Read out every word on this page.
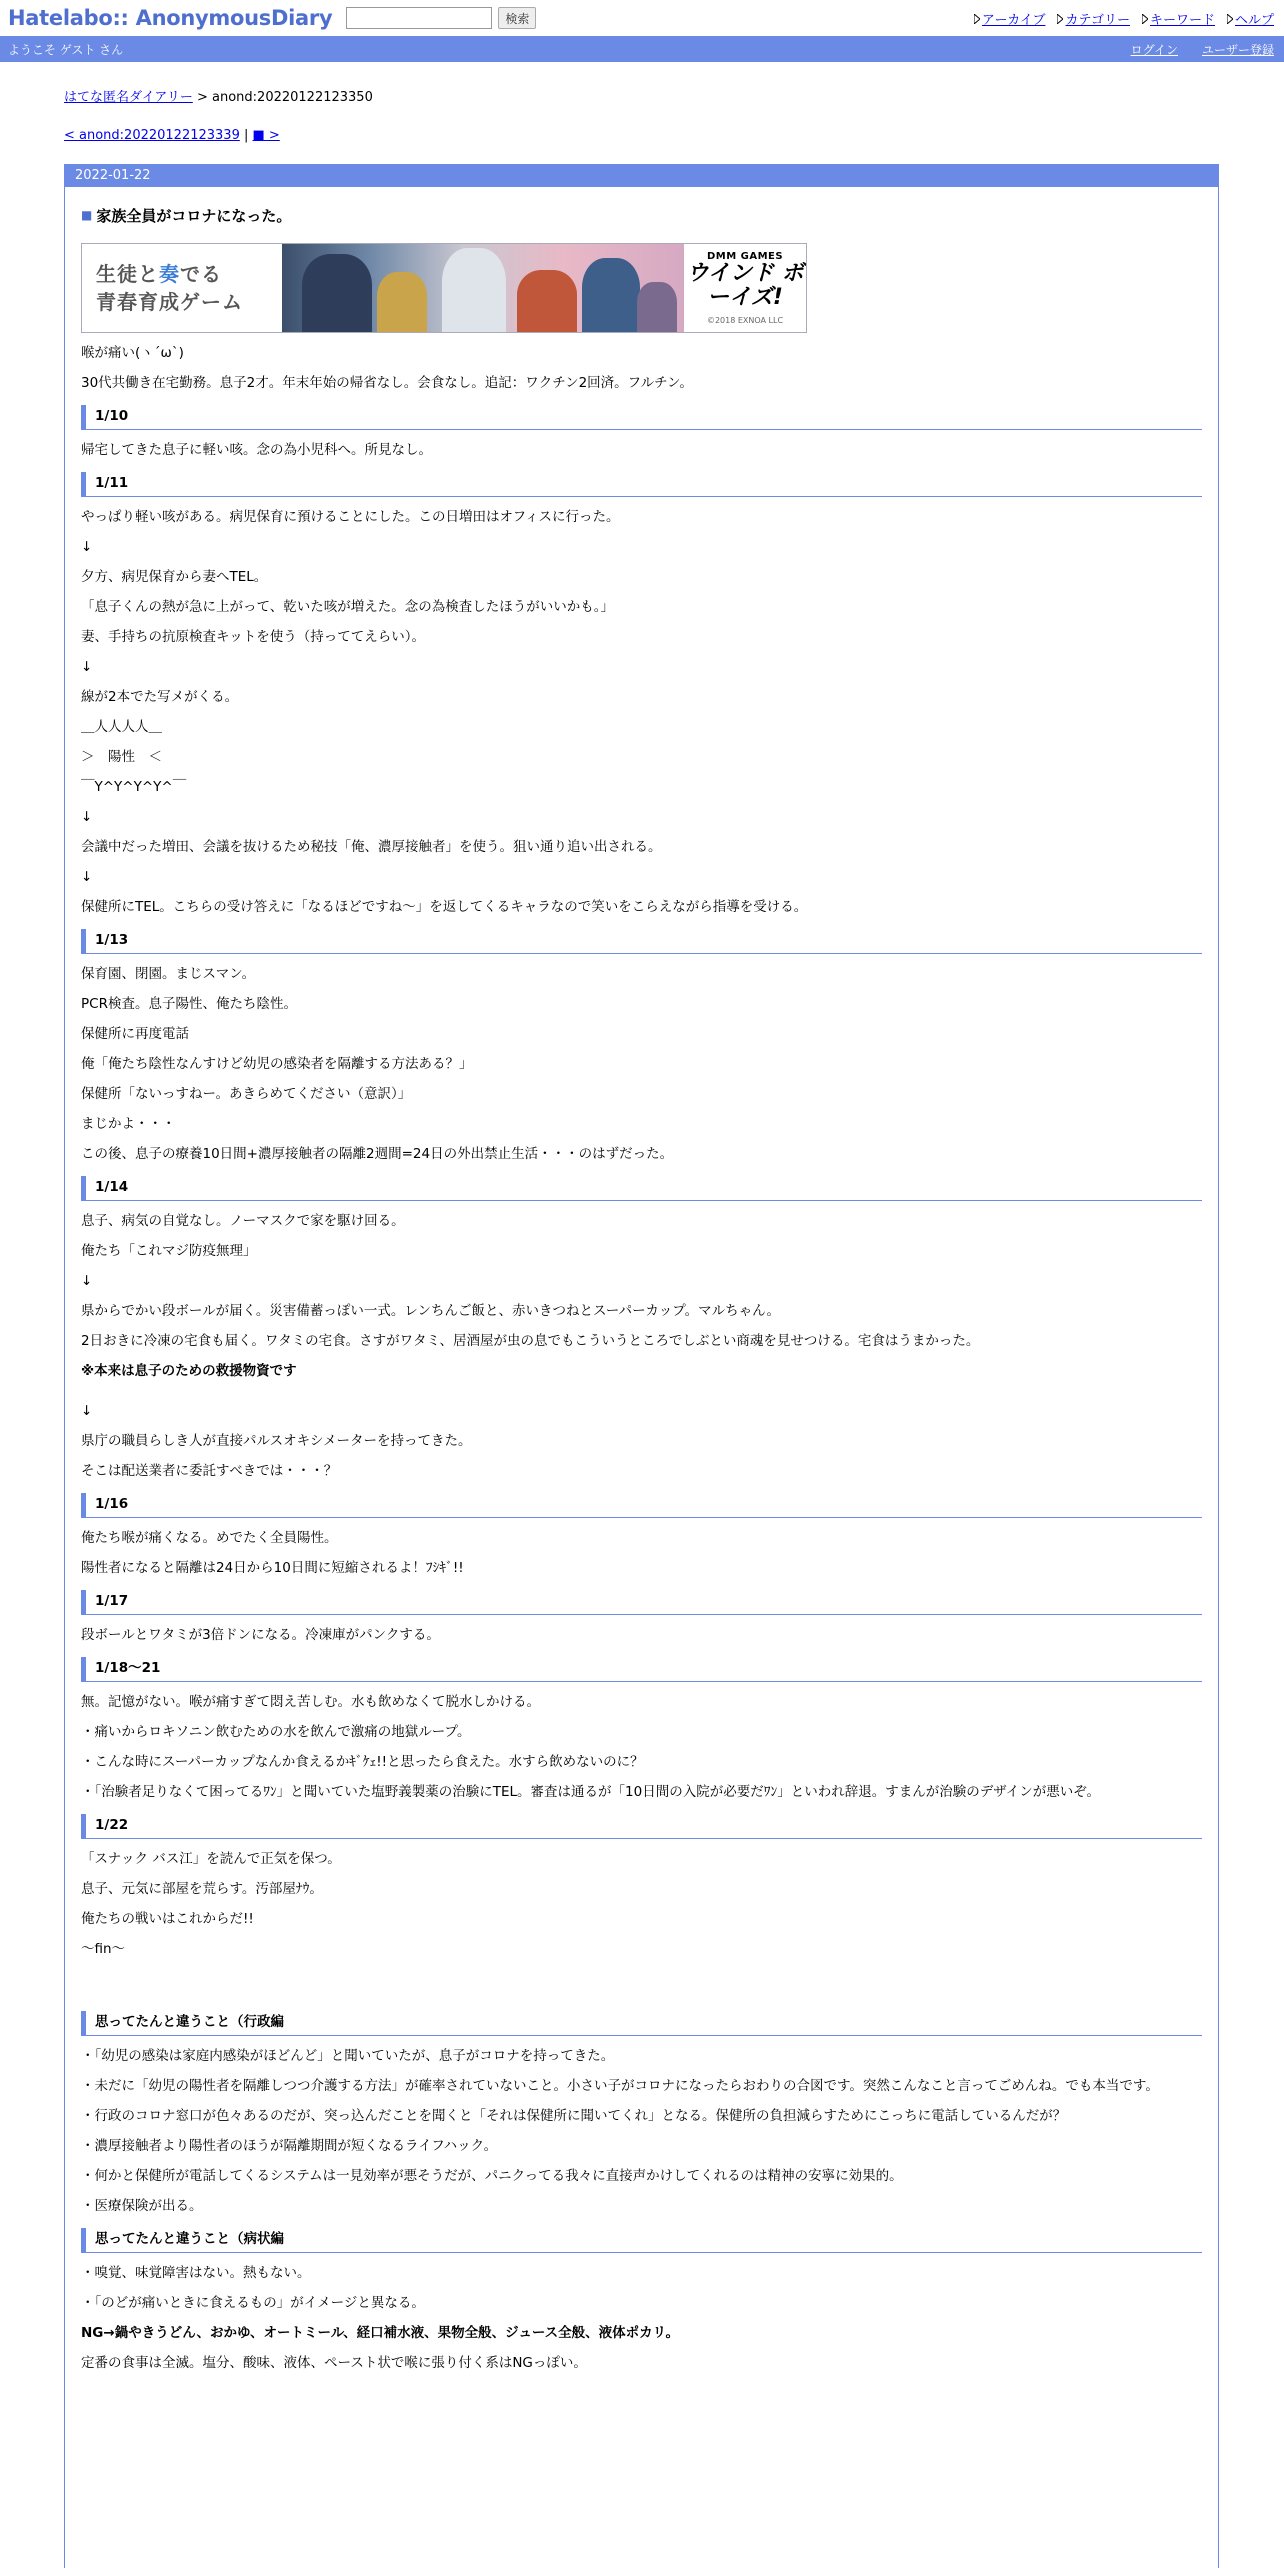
Hatelabo:: AnonymousDiary	検索	アーカイブ カテゴリー キーワード ヘルプ
ようこそ ゲスト さん	ログイン ユーザー登録
はてな匿名ダイアリー > anond:20220122123350
< anond:20220122123339 | ■ >
2022-01-22
■ 家族全員がコロナになった。
生徒と奏でる
青春育成ゲーム
DMM GAMES
ウインド ボーイズ!
©2018 EXNOA LLC
喉が痛い(ヽ´ω`)
30代共働き在宅勤務。息子2才。年末年始の帰省なし。会食なし。追記：ワクチン2回済。フルチン。
1/10
帰宅してきた息子に軽い咳。念の為小児科へ。所見なし。
1/11
やっぱり軽い咳がある。病児保育に預けることにした。この日増田はオフィスに行った。
↓
夕方、病児保育から妻へTEL。
「息子くんの熱が急に上がって、乾いた咳が増えた。念の為検査したほうがいいかも。」
妻、手持ちの抗原検査キットを使う（持っててえらい）。
↓
線が2本でた写メがくる。
＿人人人人＿
＞　陽性　＜
￣Y^Y^Y^Y^￣
↓
会議中だった増田、会議を抜けるため秘技「俺、濃厚接触者」を使う。狙い通り追い出される。
↓
保健所にTEL。こちらの受け答えに「なるほどですね～」を返してくるキャラなので笑いをこらえながら指導を受ける。
1/13
保育園、閉園。まじスマン。
PCR検査。息子陽性、俺たち陰性。
保健所に再度電話
俺「俺たち陰性なんすけど幼児の感染者を隔離する方法ある？」
保健所「ないっすねー。あきらめてください（意訳）」
まじかよ・・・
この後、息子の療養10日間+濃厚接触者の隔離2週間=24日の外出禁止生活・・・のはずだった。
1/14
息子、病気の自覚なし。ノーマスクで家を駆け回る。
俺たち「これマジ防疫無理」
↓
県からでかい段ボールが届く。災害備蓄っぽい一式。レンちんご飯と、赤いきつねとスーパーカップ。マルちゃん。
2日おきに冷凍の宅食も届く。ワタミの宅食。さすがワタミ、居酒屋が虫の息でもこういうところでしぶとい商魂を見せつける。宅食はうまかった。
※本来は息子のための救援物資です
↓
県庁の職員らしき人が直接パルスオキシメーターを持ってきた。
そこは配送業者に委託すべきでは・・・？
1/16
俺たち喉が痛くなる。めでたく全員陽性。
陽性者になると隔離は24日から10日間に短縮されるよ！ﾌｼｷﾞ!!
1/17
段ボールとワタミが3倍ドンになる。冷凍庫がパンクする。
1/18～21
無。記憶がない。喉が痛すぎて悶え苦しむ。水も飲めなくて脱水しかける。
・痛いからロキソニン飲むための水を飲んで激痛の地獄ループ。
・こんな時にスーパーカップなんか食えるかｷﾞｹｪ!!と思ったら食えた。水すら飲めないのに？
・「治験者足りなくて困ってるﾜﾝ」と聞いていた塩野義製薬の治験にTEL。審査は通るが「10日間の入院が必要だﾜﾝ」といわれ辞退。すまんが治験のデザインが悪いぞ。
1/22
「スナック バス江」を読んで正気を保つ。
息子、元気に部屋を荒らす。汚部屋ﾅｳ。
俺たちの戦いはこれからだ!!
〜fin〜
思ってたんと違うこと（行政編
・「幼児の感染は家庭内感染がほどんど」と聞いていたが、息子がコロナを持ってきた。
・未だに「幼児の陽性者を隔離しつつ介護する方法」が確率されていないこと。小さい子がコロナになったらおわりの合図です。突然こんなこと言ってごめんね。でも本当です。
・行政のコロナ窓口が色々あるのだが、突っ込んだことを聞くと「それは保健所に聞いてくれ」となる。保健所の負担減らすためにこっちに電話しているんだが？
・濃厚接触者より陽性者のほうが隔離期間が短くなるライフハック。
・何かと保健所が電話してくるシステムは一見効率が悪そうだが、パニクってる我々に直接声かけしてくれるのは精神の安寧に効果的。
・医療保険が出る。
思ってたんと違うこと（病状編
・嗅覚、味覚障害はない。熱もない。
・「のどが痛いときに食えるもの」がイメージと異なる。
NG→鍋やきうどん、おかゆ、オートミール、経口補水液、果物全般、ジュース全般、液体ポカリ。
定番の食事は全滅。塩分、酸味、液体、ペースト状で喉に張り付く系はNGっぽい。
